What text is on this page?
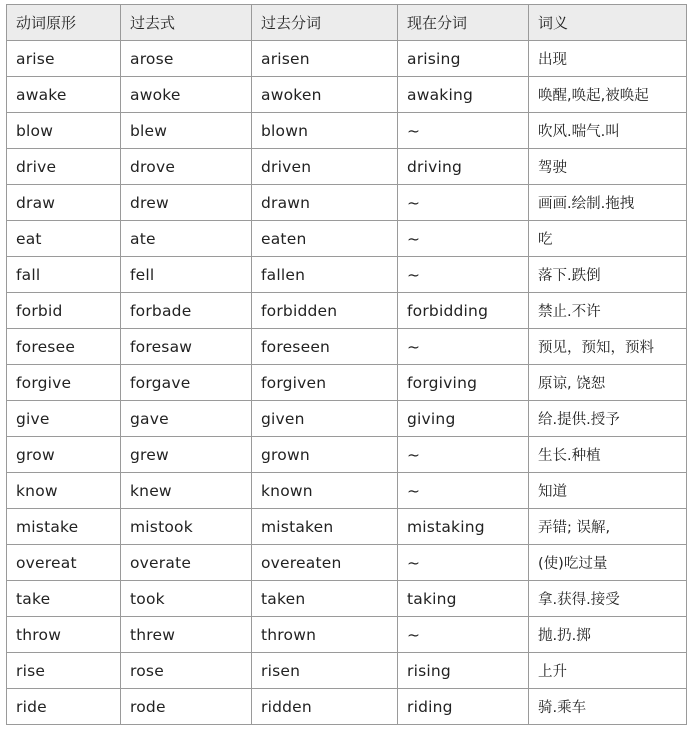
动词原形	过去式	过去分词	现在分词	词义
arise	arose	arisen	arising	出现
awake	awoke	awoken	awaking	唤醒,唤起,被唤起
blow	blew	blown	~	吹风.喘气.叫
drive	drove	driven	driving	驾驶
draw	drew	drawn	~	画画.绘制.拖拽
eat	ate	eaten	~	吃
fall	fell	fallen	~	落下.跌倒
forbid	forbade	forbidden	forbidding	禁止.不许
foresee	foresaw	foreseen	~	预见，预知，预料
forgive	forgave	forgiven	forgiving	原谅, 饶恕
give	gave	given	giving	给.提供.授予
grow	grew	grown	~	生长.种植
know	knew	known	~	知道
mistake	mistook	mistaken	mistaking	弄错; 误解,
overeat	overate	overeaten	~	(使)吃过量
take	took	taken	taking	拿.获得.接受
throw	threw	thrown	~	抛.扔.掷
rise	rose	risen	rising	上升
ride	rode	ridden	riding	骑.乘车
